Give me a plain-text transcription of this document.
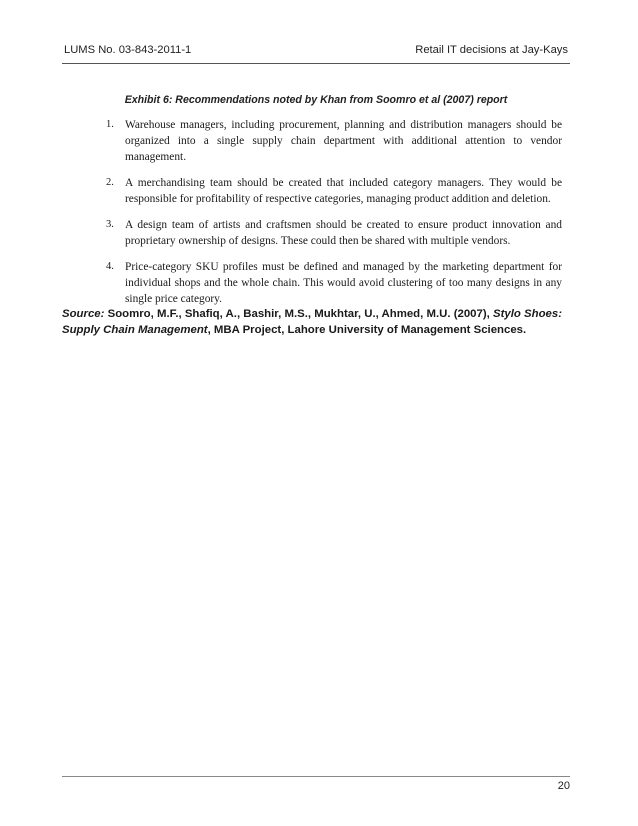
LUMS No. 03-843-2011-1	Retail IT decisions at Jay-Kays
Exhibit 6: Recommendations noted by Khan from Soomro et al (2007) report
1. Warehouse managers, including procurement, planning and distribution managers should be organized into a single supply chain department with additional attention to vendor management.
2. A merchandising team should be created that included category managers. They would be responsible for profitability of respective categories, managing product addition and deletion.
3. A design team of artists and craftsmen should be created to ensure product innovation and proprietary ownership of designs. These could then be shared with multiple vendors.
4. Price-category SKU profiles must be defined and managed by the marketing department for individual shops and the whole chain. This would avoid clustering of too many designs in any single price category.
Source: Soomro, M.F., Shafiq, A., Bashir, M.S., Mukhtar, U., Ahmed, M.U. (2007), Stylo Shoes: Supply Chain Management, MBA Project, Lahore University of Management Sciences.
20
